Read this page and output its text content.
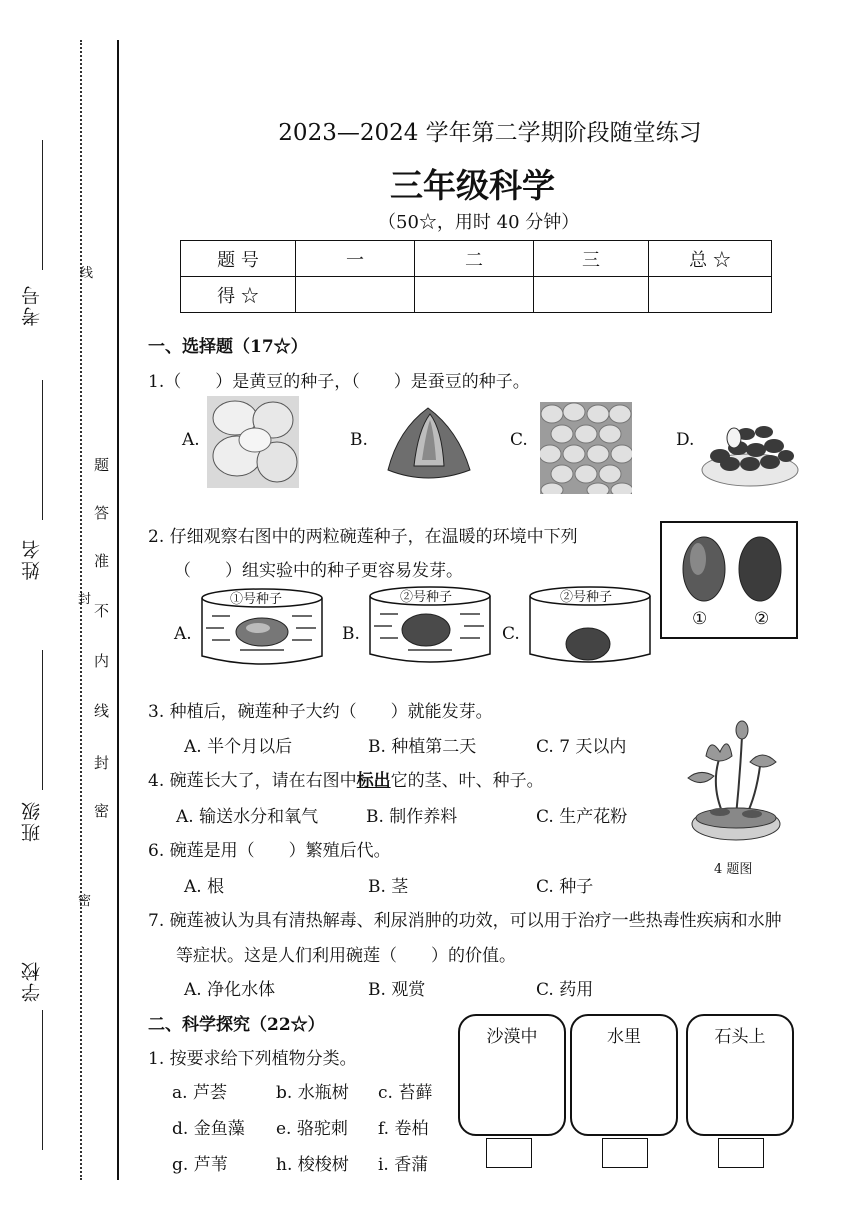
考号
姓名
班级
学校
线
封
密
题
答
准
不
内
线
封
密
2023—2024 学年第二学期阶段随堂练习
三年级科学
（50☆，用时 40 分钟）
题 号	一	二	三	总 ☆
得 ☆				
一、选择题（17☆）
1.（　　）是黄豆的种子，（　　）是蚕豆的种子。
A.	B.	C.	D.
2. 仔细观察右图中的两粒碗莲种子，在温暖的环境中下列
（　　）组实验中的种子更容易发芽。
A.
①号种子
B.
②号种子
C.
②号种子
①	②
3. 种植后，碗莲种子大约（　　）就能发芽。
A. 半个月以后	B. 种植第二天	C. 7 天以内
4. 碗莲长大了，请在右图中标出它的茎、叶、种子。
A. 输送水分和氧气	B. 制作养料	C. 生产花粉
4 题图
6. 碗莲是用（　　）繁殖后代。
A. 根	B. 茎	C. 种子
7. 碗莲被认为具有清热解毒、利尿消肿的功效，可以用于治疗一些热毒性疾病和水肿
等症状。这是人们利用碗莲（　　）的价值。
A. 净化水体	B. 观赏	C. 药用
二、科学探究（22☆）
1. 按要求给下列植物分类。
a. 芦荟	b. 水瓶树 c. 苔藓
d. 金鱼藻 e. 骆驼刺 f. 卷柏
g. 芦苇	h. 梭梭树 i. 香蒲
沙漠中	水里	石头上
